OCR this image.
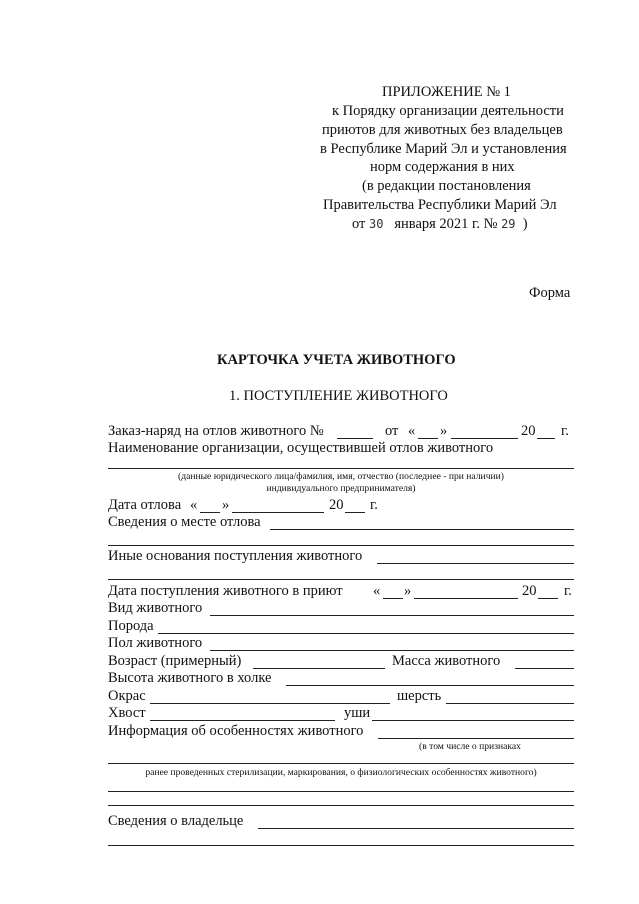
ПРИЛОЖЕНИЕ № 1
к Порядку организации деятельности
приютов для животных без владельцев
в Республике Марий Эл и установления
норм содержания в них
(в редакции постановления
Правительства Республики Марий Эл
от 30 января 2021 г. № 29 )
Форма
КАРТОЧКА УЧЕТА ЖИВОТНОГО
1. ПОСТУПЛЕНИЕ ЖИВОТНОГО
Заказ-наряд на отлов животного №	от « »	20 г.
Наименование организации, осуществившей отлов животного
(данные юридического лица/фамилия, имя, отчество (последнее - при наличии)
индивидуального предпринимателя)
Дата отлова « »	20 г.
Сведения о месте отлова
Иные основания поступления животного
Дата поступления животного в приют « »	20 г.
Вид животного
Порода
Пол животного
Возраст (примерный)	Масса животного
Высота животного в холке
Окрас	шерсть
Хвост	уши
Информация об особенностях животного
(в том числе о признаках
ранее проведенных стерилизации, маркирования, о физиологических особенностях животного)
Сведения о владельце
